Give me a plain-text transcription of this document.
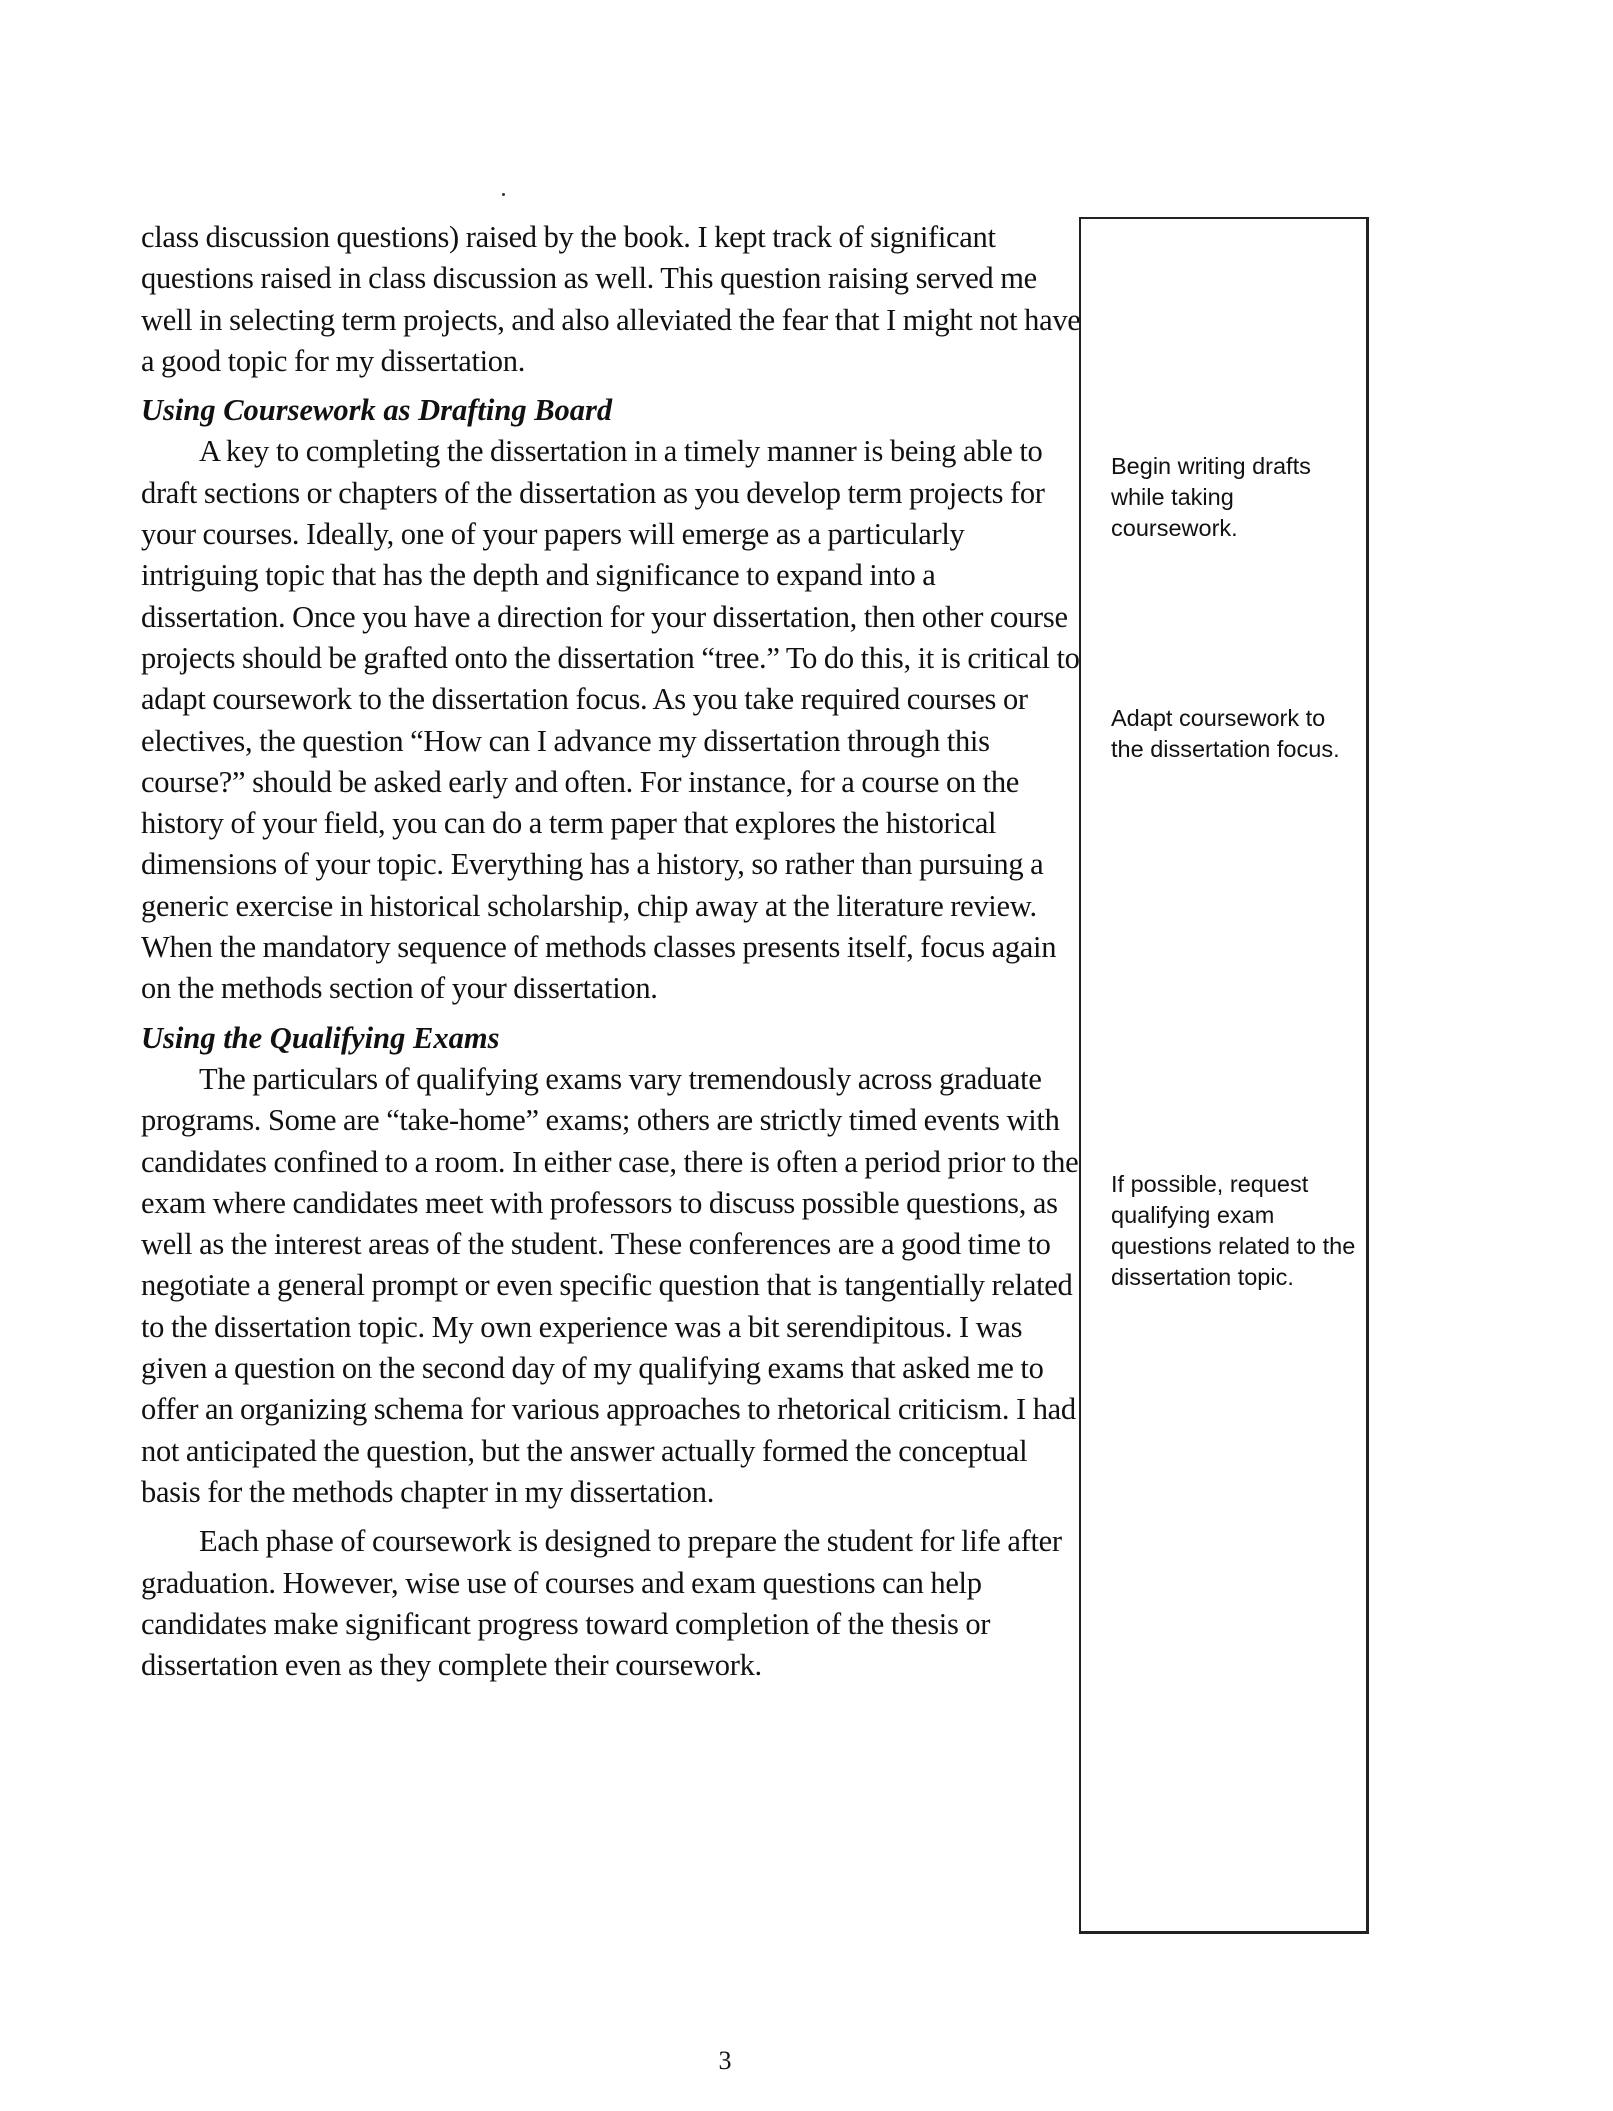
class discussion questions) raised by the book. I kept track of significant questions raised in class discussion as well. This question raising served me well in selecting term projects, and also alleviated the fear that I might not have a good topic for my dissertation.

Using Coursework as Drafting Board

A key to completing the dissertation in a timely manner is being able to draft sections or chapters of the dissertation as you develop term projects for your courses. Ideally, one of your papers will emerge as a particularly intriguing topic that has the depth and significance to expand into a dissertation. Once you have a direction for your dissertation, then other course projects should be grafted onto the dissertation “tree.” To do this, it is critical to adapt coursework to the dissertation focus. As you take required courses or electives, the question “How can I advance my dissertation through this course?” should be asked early and often. For instance, for a course on the history of your field, you can do a term paper that explores the historical dimensions of your topic. Everything has a history, so rather than pursuing a generic exercise in historical scholarship, chip away at the literature review. When the mandatory sequence of methods classes presents itself, focus again on the methods section of your dissertation.

Using the Qualifying Exams

The particulars of qualifying exams vary tremendously across graduate programs. Some are “take-home” exams; others are strictly timed events with candidates confined to a room. In either case, there is often a period prior to the exam where candidates meet with professors to discuss possible questions, as well as the interest areas of the student. These conferences are a good time to negotiate a general prompt or even specific question that is tangentially related to the dissertation topic. My own experience was a bit serendipitous. I was given a question on the second day of my qualifying exams that asked me to offer an organizing schema for various approaches to rhetorical criticism. I had not anticipated the question, but the answer actually formed the conceptual basis for the methods chapter in my dissertation.

Each phase of coursework is designed to prepare the student for life after graduation. However, wise use of courses and exam questions can help candidates make significant progress toward completion of the thesis or dissertation even as they complete their coursework.

Begin writing drafts while taking coursework.

Adapt coursework to the dissertation focus.

If possible, request qualifying exam questions related to the dissertation topic.

3
